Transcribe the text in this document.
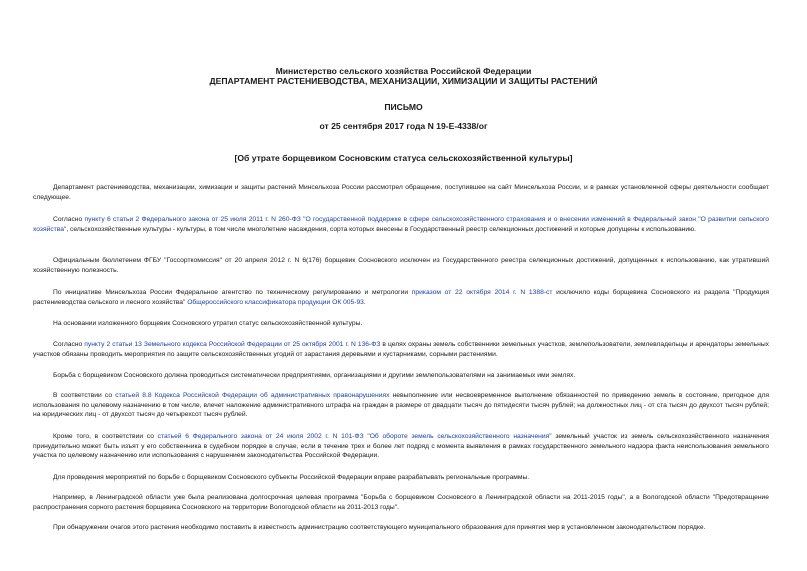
Министерство сельского хозяйства Российской Федерации
ДЕПАРТАМЕНТ РАСТЕНИЕВОДСТВА, МЕХАНИЗАЦИИ, ХИМИЗАЦИИ И ЗАЩИТЫ РАСТЕНИЙ
ПИСЬМО
от 25 сентября 2017 года N 19-Е-4338/ог
[Об утрате борщевиком Сосновским статуса сельскохозяйственной культуры]

Департамент растениеводства, механизации, химизации и защиты растений Минсельхоза России рассмотрел обращение, поступившее на сайт Минсельхоза России, и в рамках установленной сферы деятельности сообщает следующее.

Согласно пункту 6 статьи 2 Федерального закона от 25 июля 2011 г. N 260-ФЗ "О государственной поддержке в сфере сельскохозяйственного страхования и о внесении изменений в Федеральный закон "О развитии сельского хозяйства", сельскохозяйственные культуры - культуры, в том числе многолетние насаждения, сорта которых внесены в Государственный реестр селекционных достижений и которые допущены к использованию.

Официальным бюллетенем ФГБУ "Госсорткомиссия" от 20 апреля 2012 г. N 6(176) борщевик Сосновского исключен из Государственного реестра селекционных достижений, допущенных к использованию, как утративший хозяйственную полезность.

По инициативе Минсельхоза России Федеральное агентство по техническому регулированию и метрологии приказом от 22 октября 2014 г. N 1388-ст исключило коды борщевика Сосновского из раздела "Продукция растениеводства сельского и лесного хозяйства" Общероссийского классификатора продукции ОК 005-93.

На основании изложенного борщевик Сосновского утратил статус сельскохозяйственной культуры.

Согласно пункту 2 статьи 13 Земельного кодекса Российской Федерации от 25 октября 2001 г. N 136-ФЗ в целях охраны земель собственники земельных участков, землепользователи, землевладельцы и арендаторы земельных участков обязаны проводить мероприятия по защите сельскохозяйственных угодий от зарастания деревьями и кустарниками, сорными растениями.

Борьба с борщевиком Сосновского должна проводиться систематически предприятиями, организациями и другими землепользователями на занимаемых ими землях.

В соответствии со статьей 8.8 Кодекса Российской Федерации об административных правонарушениях невыполнение или несвоевременное выполнение обязанностей по приведению земель в состояние, пригодное для использования по целевому назначению в том числе, влечет наложение административного штрафа на граждан в размере от двадцати тысяч до пятидесяти тысяч рублей; на должностных лиц - от ста тысяч до двухсот тысяч рублей; на юридических лиц - от двухсот тысяч до четырехсот тысяч рублей.

Кроме того, в соответствии со статьей 6 Федерального закона от 24 июля 2002 г. N 101-ФЗ "Об обороте земель сельскохозяйственного назначения" земельный участок из земель сельскохозяйственного назначения принудительно может быть изъят у его собственника в судебном порядке в случае, если в течение трех и более лет подряд с момента выявления в рамках государственного земельного надзора факта неиспользования земельного участка по целевому назначению или использования с нарушением законодательства Российской Федерации.

Для проведения мероприятий по борьбе с борщевиком Сосновского субъекты Российской Федерации вправе разрабатывать региональные программы.

Например, в Ленинградской области уже была реализована долгосрочная целевая программа "Борьба с борщевиком Сосновского в Ленинградской области на 2011-2015 годы", а в Вологодской области "Предотвращение распространения сорного растения борщевика Сосновского на территории Вологодской области на 2011-2013 годы".

При обнаружении очагов этого растения необходимо поставить в известность администрацию соответствующего муниципального образования для принятия мер в установленном законодательством порядке.
